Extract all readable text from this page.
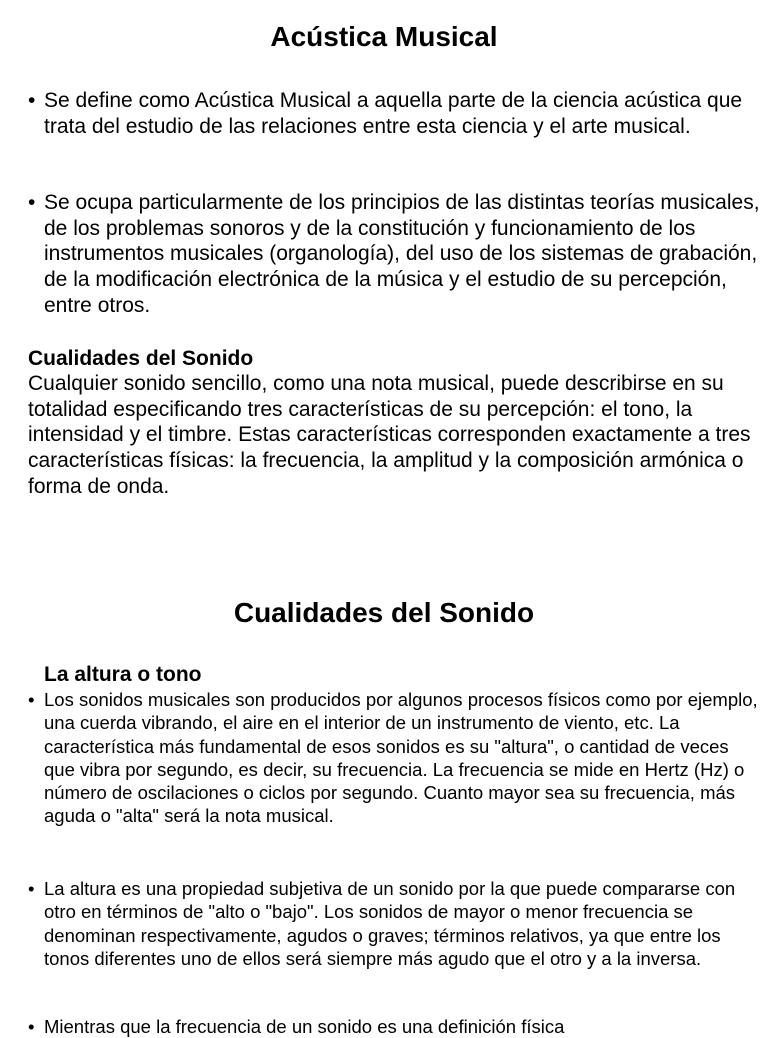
Acústica Musical
• Se define como Acústica Musical a aquella parte de la ciencia acústica que trata del estudio de las relaciones entre esta ciencia y el arte musical.
• Se ocupa particularmente de los principios de las distintas teorías musicales, de los problemas sonoros y de la constitución y funcionamiento de los instrumentos musicales (organología), del uso de los sistemas de grabación, de la modificación electrónica de la música y el estudio de su percepción, entre otros.
Cualidades del Sonido

Cualquier sonido sencillo, como una nota musical, puede describirse en su totalidad especificando tres características de su percepción: el tono, la intensidad y el timbre. Estas características corresponden exactamente a tres características físicas: la frecuencia, la amplitud y la composición armónica o forma de onda.

Cualidades del Sonido
La altura o tono
• Los sonidos musicales son producidos por algunos procesos físicos como por ejemplo, una cuerda vibrando, el aire en el interior de un instrumento de viento, etc. La característica más fundamental de esos sonidos es su "altura", o cantidad de veces que vibra por segundo, es decir, su frecuencia. La frecuencia se mide en Hertz (Hz) o número de oscilaciones o ciclos por segundo. Cuanto mayor sea su frecuencia, más aguda o "alta" será la nota musical.
• La altura es una propiedad subjetiva de un sonido por la que puede compararse con otro en términos de "alto o "bajo". Los sonidos de mayor o menor frecuencia se denominan respectivamente, agudos o graves; términos relativos, ya que entre los tonos diferentes uno de ellos será siempre más agudo que el otro y a la inversa.
• Mientras que la frecuencia de un sonido es una definición física
